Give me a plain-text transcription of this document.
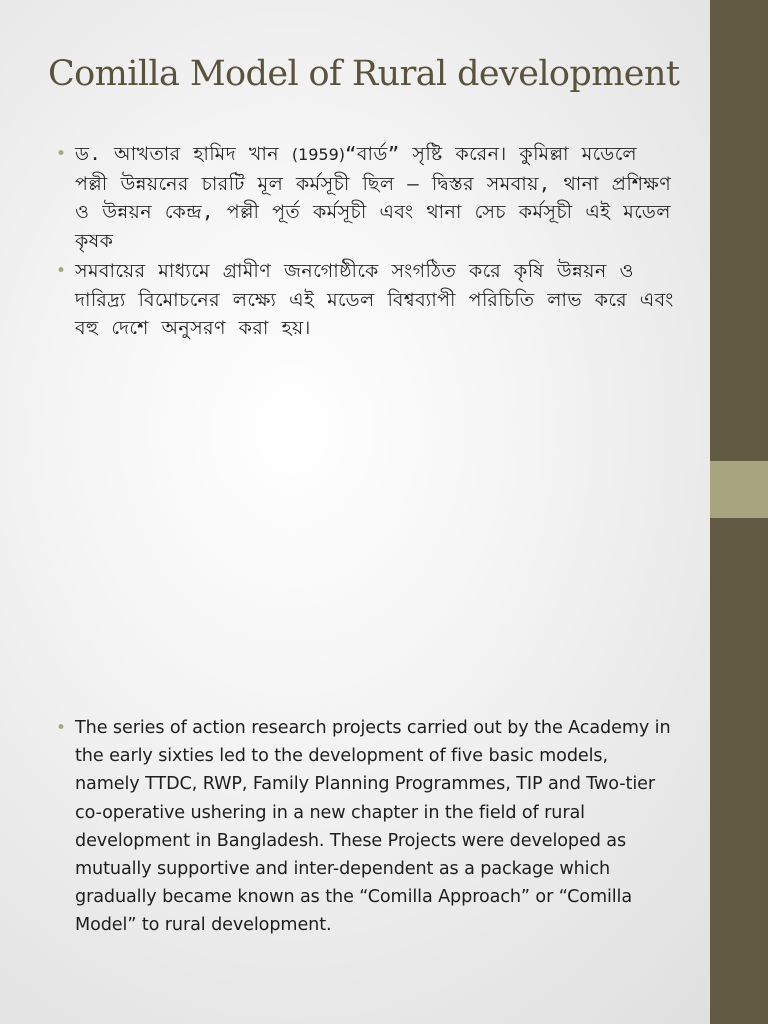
Comilla Model of Rural development
• ড. আখতার হামিদ খান (1959)“বার্ড” সৃষ্টি করেন। কুমিল্লা মডেলে পল্লী উন্নয়নের চারটি মূল কর্মসূচী ছিল — দ্বিস্তর সমবায়, থানা প্রশিক্ষণ ও উন্নয়ন কেন্দ্র, পল্লী পূর্ত কর্মসূচী এবং থানা সেচ কর্মসূচী এই মডেল কৃষক
• সমবায়ের মাধ্যমে গ্রামীণ জনগোষ্ঠীকে সংগঠিত করে কৃষি উন্নয়ন ও দারিদ্র্য বিমোচনের লক্ষ্যে এই মডেল বিশ্বব্যাপী পরিচিতি লাভ করে এবং বহু দেশে অনুসরণ করা হয়।
• The series of action research projects carried out by the Academy in the early sixties led to the development of five basic models, namely TTDC, RWP, Family Planning Programmes, TIP and Two-tier co-operative ushering in a new chapter in the field of rural development in Bangladesh. These Projects were developed as mutually supportive and inter-dependent as a package which gradually became known as the “Comilla Approach” or “Comilla Model” to rural development.
